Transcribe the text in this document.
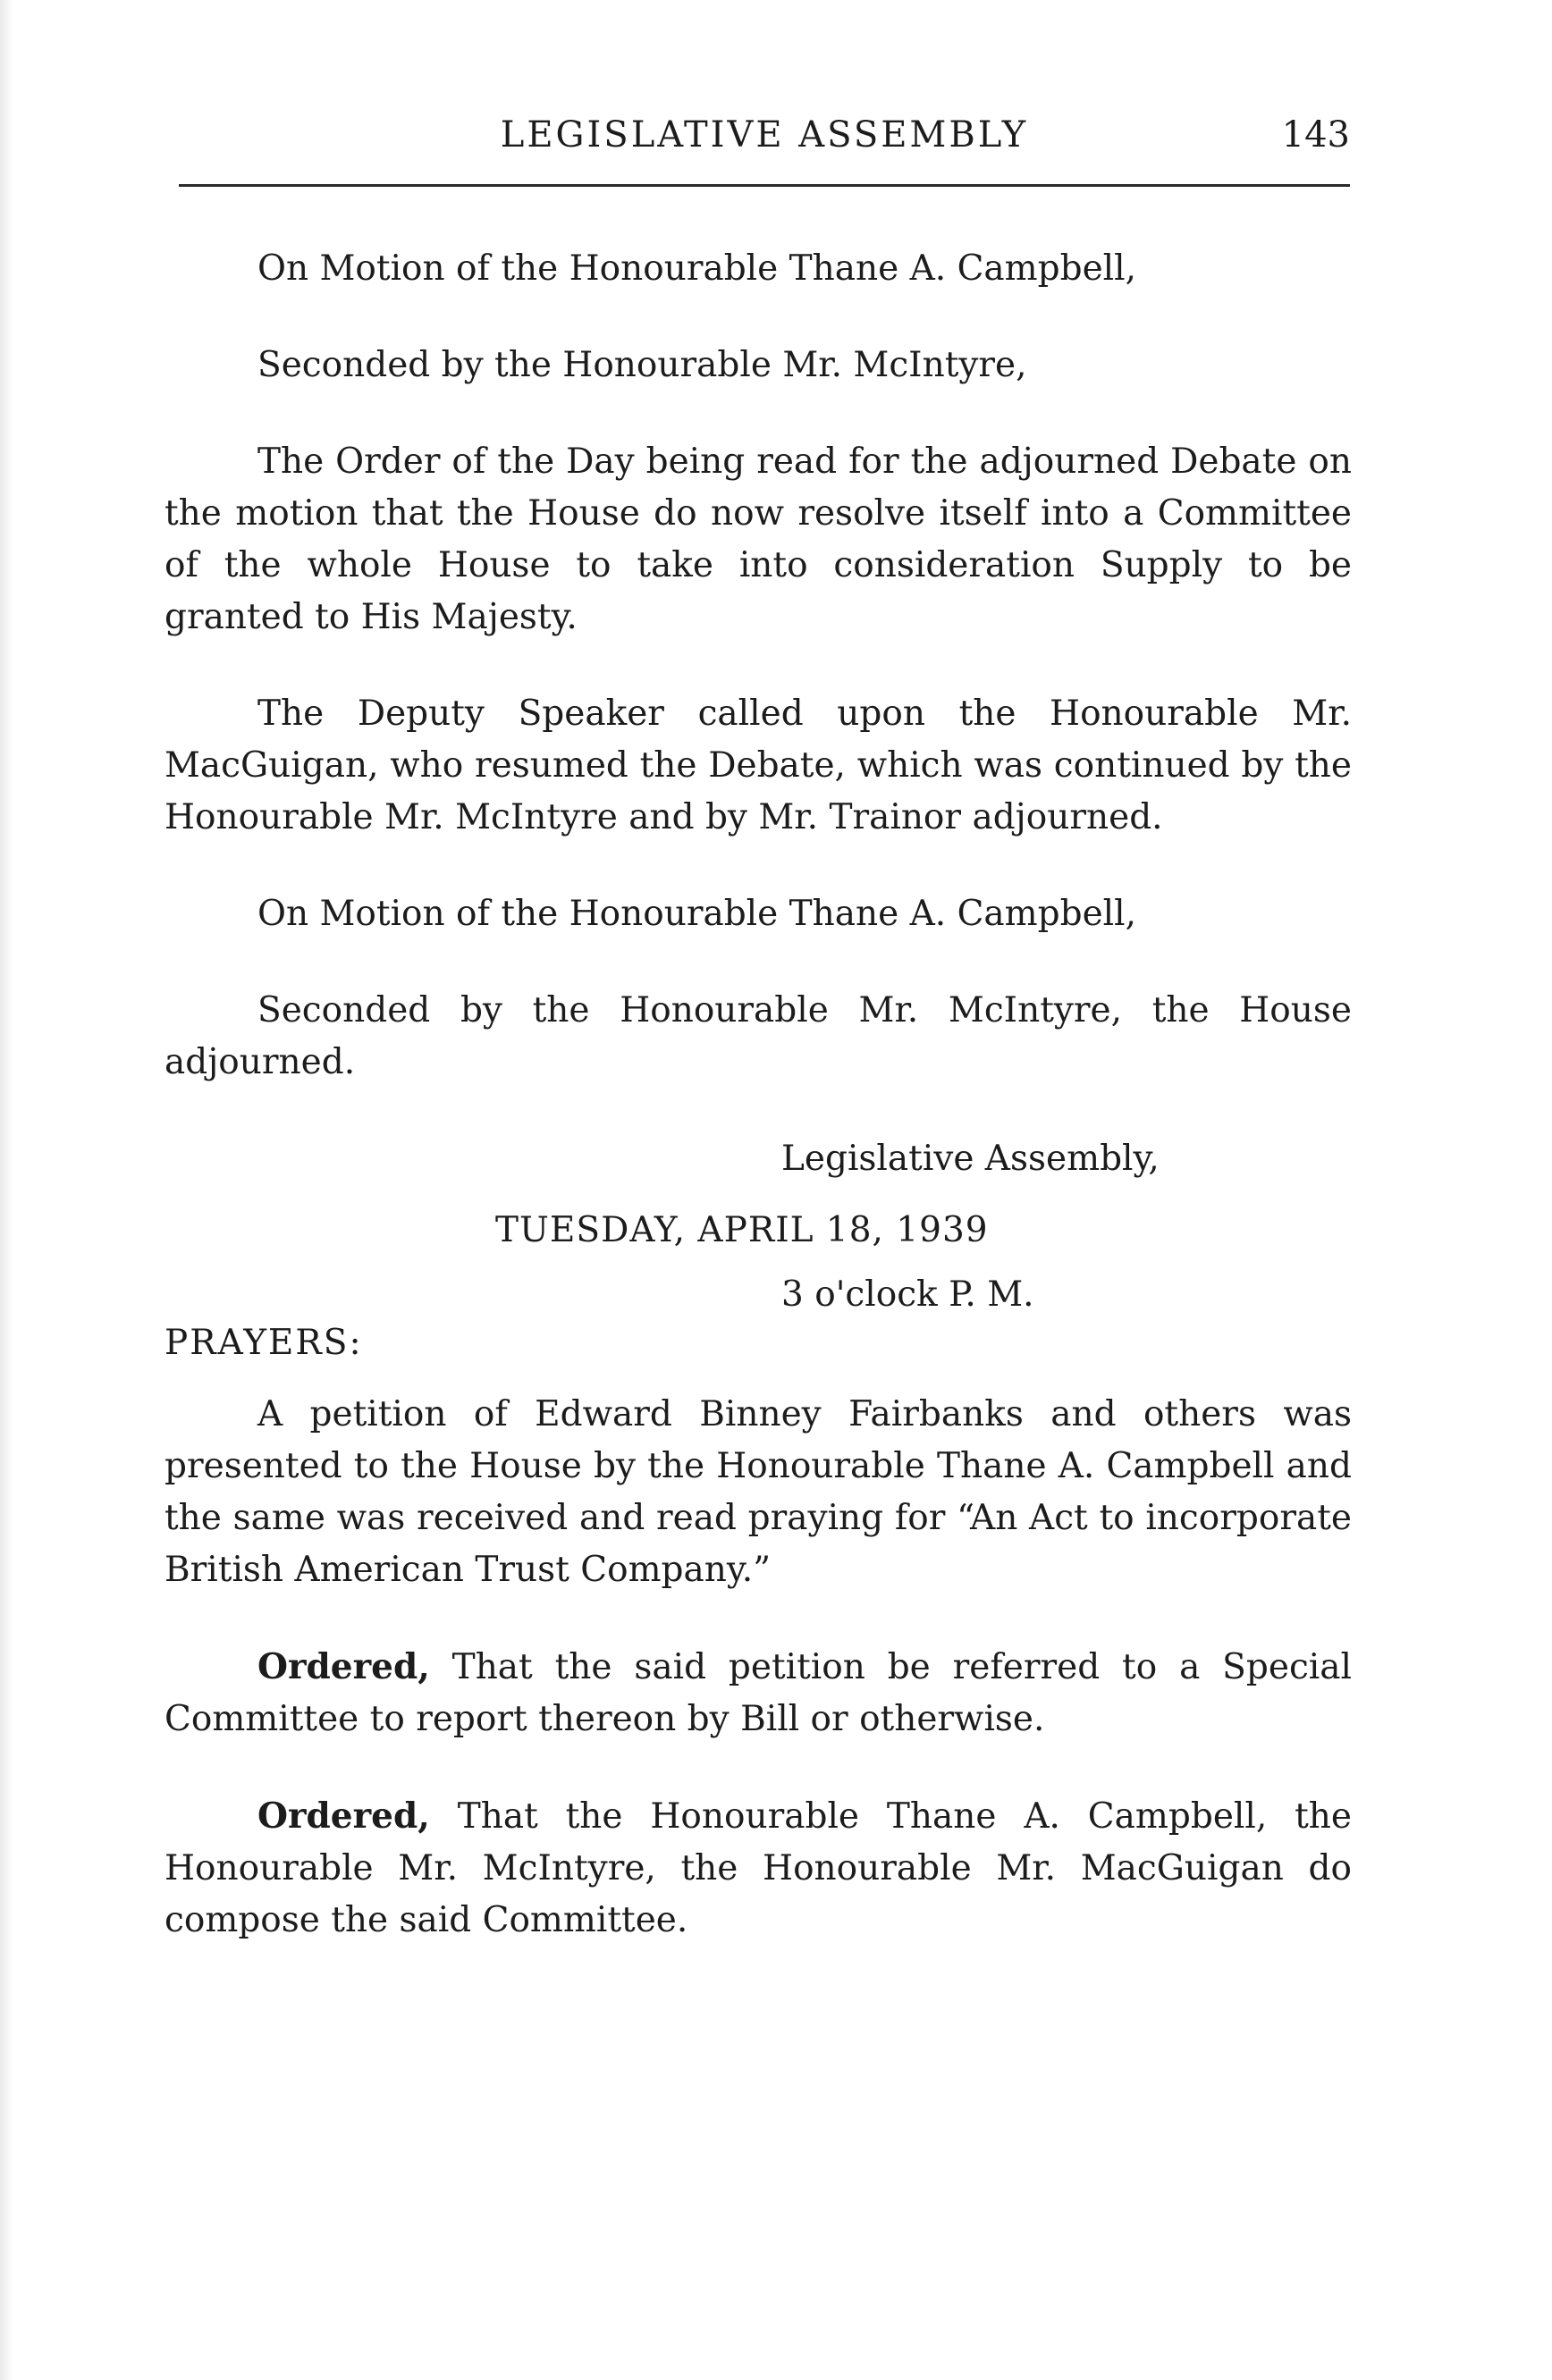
LEGISLATIVE ASSEMBLY	143

On Motion of the Honourable Thane A. Campbell,

Seconded by the Honourable Mr. McIntyre,

The Order of the Day being read for the adjourned Debate on the motion that the House do now resolve itself into a Committee of the whole House to take into consideration Supply to be granted to His Majesty.

The Deputy Speaker called upon the Honourable Mr. MacGuigan, who resumed the Debate, which was continued by the Honourable Mr. McIntyre and by Mr. Trainor adjourned.

On Motion of the Honourable Thane A. Campbell,

Seconded by the Honourable Mr. McIntyre, the House adjourned.

Legislative Assembly,

TUESDAY, APRIL 18, 1939

3 o'clock P. M.
PRAYERS:

A petition of Edward Binney Fairbanks and others was presented to the House by the Honourable Thane A. Campbell and the same was received and read praying for “An Act to incorporate British American Trust Company.”

Ordered, That the said petition be referred to a Special Committee to report thereon by Bill or otherwise.

Ordered, That the Honourable Thane A. Campbell, the Honourable Mr. McIntyre, the Honourable Mr. MacGuigan do compose the said Committee.
